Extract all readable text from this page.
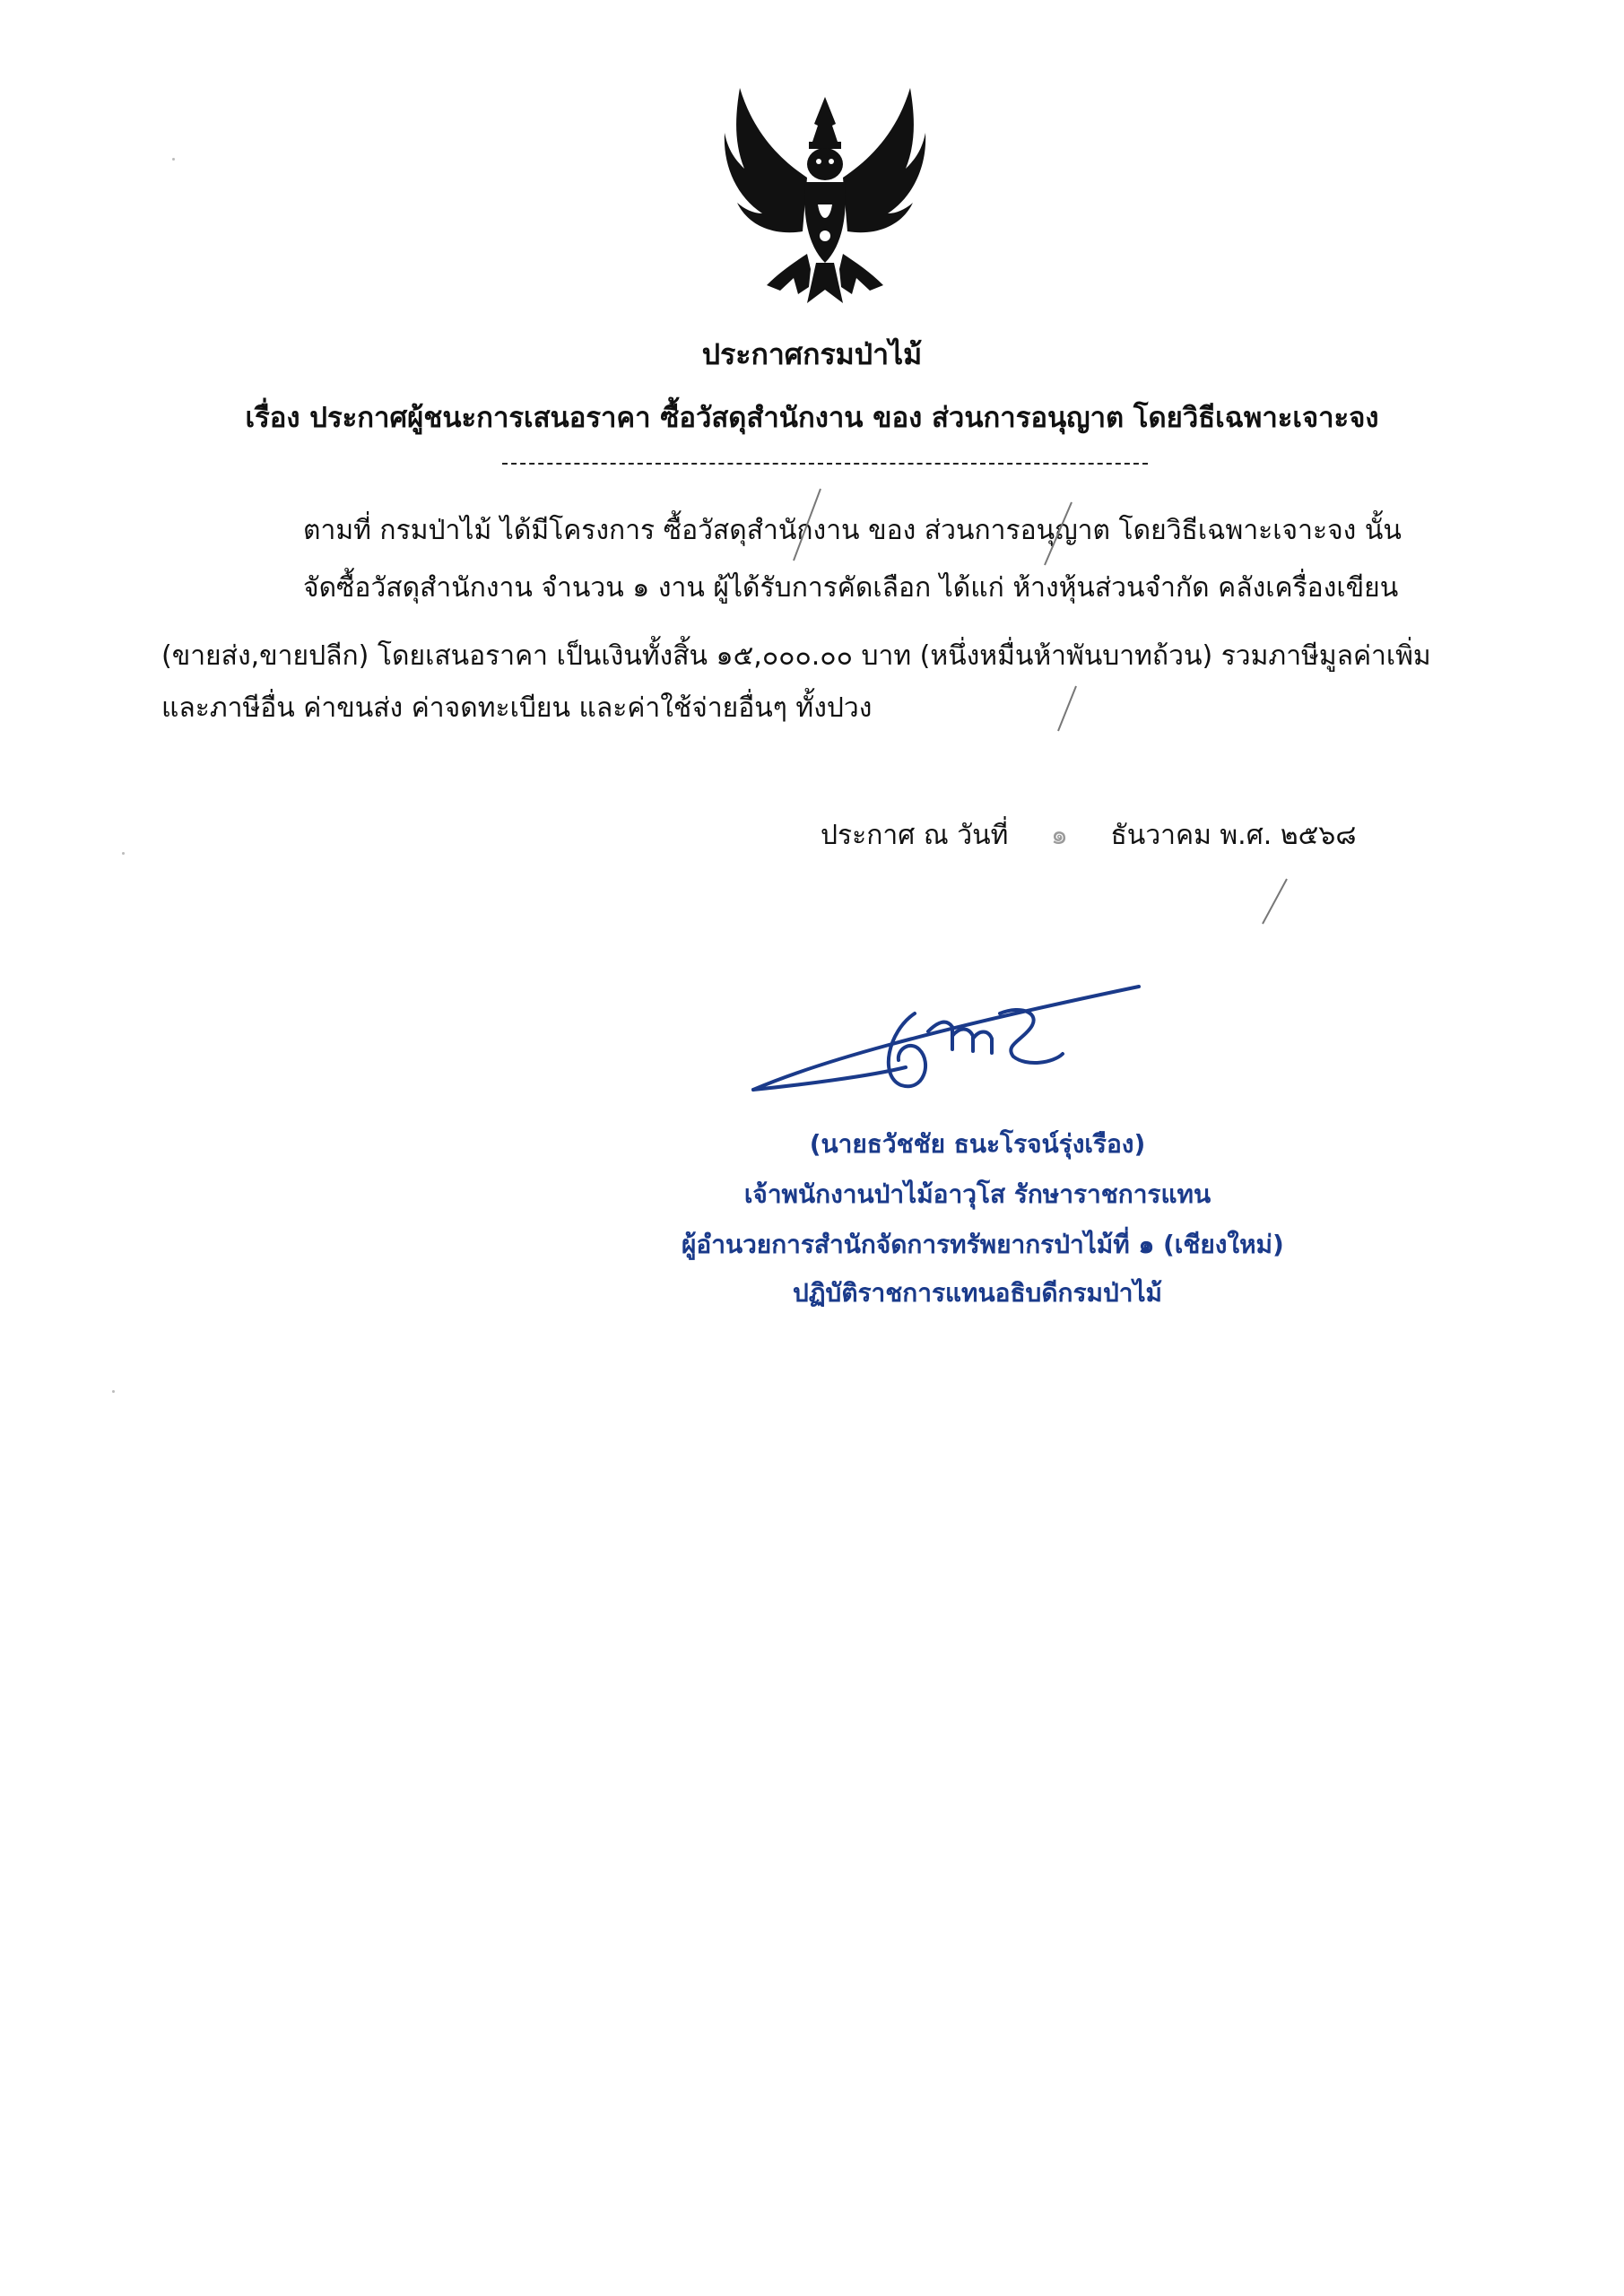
ประกาศกรมป่าไม้
เรื่อง ประกาศผู้ชนะการเสนอราคา ซื้อวัสดุสำนักงาน ของ ส่วนการอนุญาต โดยวิธีเฉพาะเจาะจง
ตามที่ กรมป่าไม้ ได้มีโครงการ ซื้อวัสดุสำนักงาน ของ ส่วนการอนุญาต โดยวิธีเฉพาะเจาะจง นั้น
จัดซื้อวัสดุสำนักงาน จำนวน ๑ งาน ผู้ได้รับการคัดเลือก ได้แก่ ห้างหุ้นส่วนจำกัด คลังเครื่องเขียน
(ขายส่ง,ขายปลีก) โดยเสนอราคา เป็นเงินทั้งสิ้น ๑๕,๐๐๐.๐๐ บาท (หนึ่งหมื่นห้าพันบาทถ้วน) รวมภาษีมูลค่าเพิ่ม
และภาษีอื่น ค่าขนส่ง ค่าจดทะเบียน และค่าใช้จ่ายอื่นๆ ทั้งปวง
ประกาศ ณ วันที่ ๑ ธันวาคม พ.ศ. ๒๕๖๘
(นายธวัชชัย ธนะโรจน์รุ่งเรือง)
เจ้าพนักงานป่าไม้อาวุโส รักษาราชการแทน
ผู้อำนวยการสำนักจัดการทรัพยากรป่าไม้ที่ ๑ (เชียงใหม่)
ปฏิบัติราชการแทนอธิบดีกรมป่าไม้
